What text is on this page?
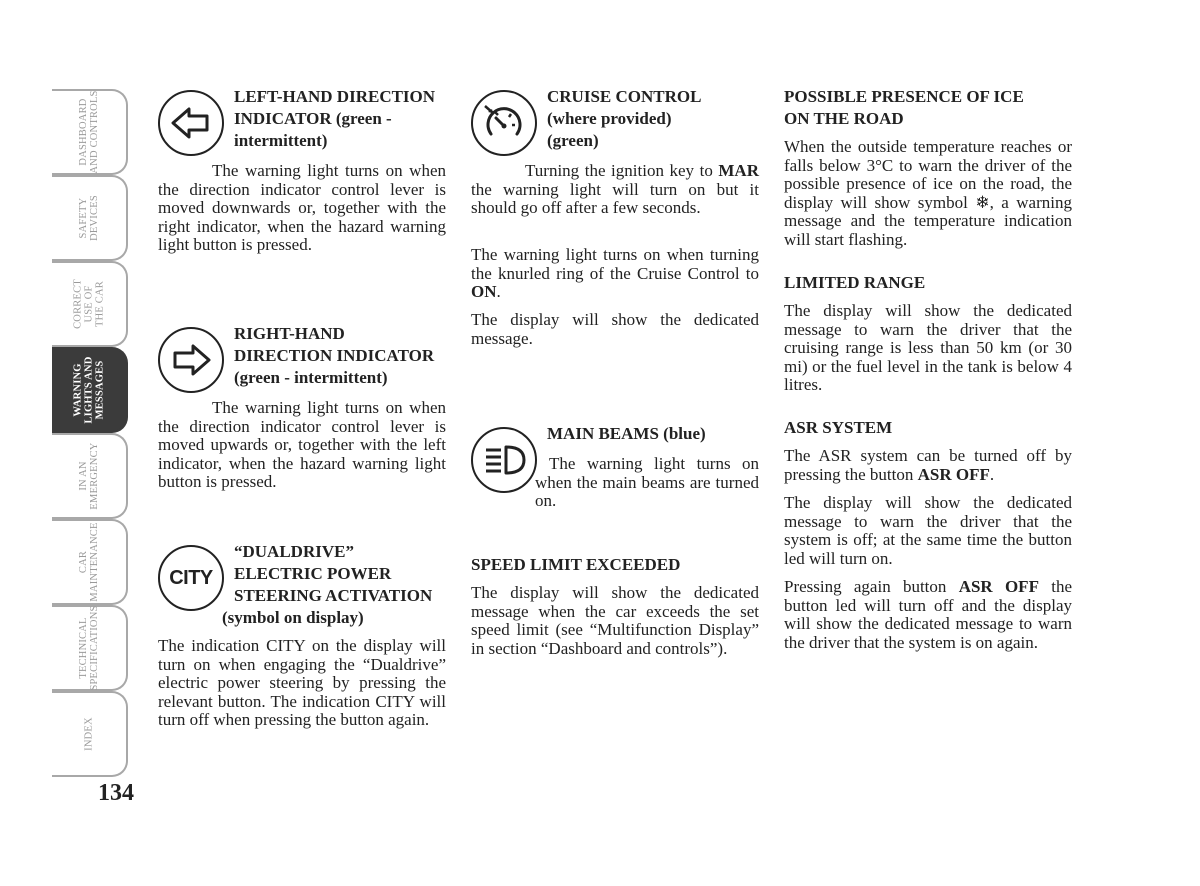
DASHBOARD
AND CONTROLS
SAFETY
DEVICES
CORRECT
USE OF
THE CAR
WARNING
LIGHTS AND
MESSAGES
IN AN
EMERGENCY
CAR
MAINTENANCE
TECHNICAL
SPECIFICATIONS
INDEX
134
LEFT-HAND DIRECTION
INDICATOR (green -
intermittent)

The warning light turns on when the direction indicator control lever is moved downwards or, together with the right indicator, when the hazard warning light button is pressed.

RIGHT-HAND
DIRECTION INDICATOR
(green - intermittent)

The warning light turns on when the direction indicator control lever is moved upwards or, together with the left indicator, when the hazard warning light button is pressed.

CITY
“DUALDRIVE”
ELECTRIC POWER
STEERING ACTIVATION
(symbol on display)

The indication CITY on the display will turn on when engaging the “Dualdrive” electric power steering by pressing the relevant button. The indication CITY will turn off when pressing the button again.

CRUISE CONTROL
(where provided)
(green)

Turning the ignition key to MAR the warning light will turn on but it should go off after a few seconds.

The warning light turns on when turning the knurled ring of the Cruise Control to ON.

The display will show the dedicated message.

MAIN BEAMS (blue)

The warning light turns on when the main beams are turned on.

SPEED LIMIT EXCEEDED

The display will show the dedicated message when the car exceeds the set speed limit (see “Multifunction Display” in section “Dashboard and controls”).

POSSIBLE PRESENCE OF ICE
ON THE ROAD

When the outside temperature reaches or falls below 3°C to warn the driver of the possible presence of ice on the road, the display will show symbol ❄, a warning message and the temperature indication will start flashing.

LIMITED RANGE

The display will show the dedicated message to warn the driver that the cruising range is less than 50 km (or 30 mi) or the fuel level in the tank is below 4 litres.

ASR SYSTEM

The ASR system can be turned off by pressing the button ASR OFF.

The display will show the dedicated message to warn the driver that the system is off; at the same time the button led will turn on.

Pressing again button ASR OFF the button led will turn off and the display will show the dedicated message to warn the driver that the system is on again.
